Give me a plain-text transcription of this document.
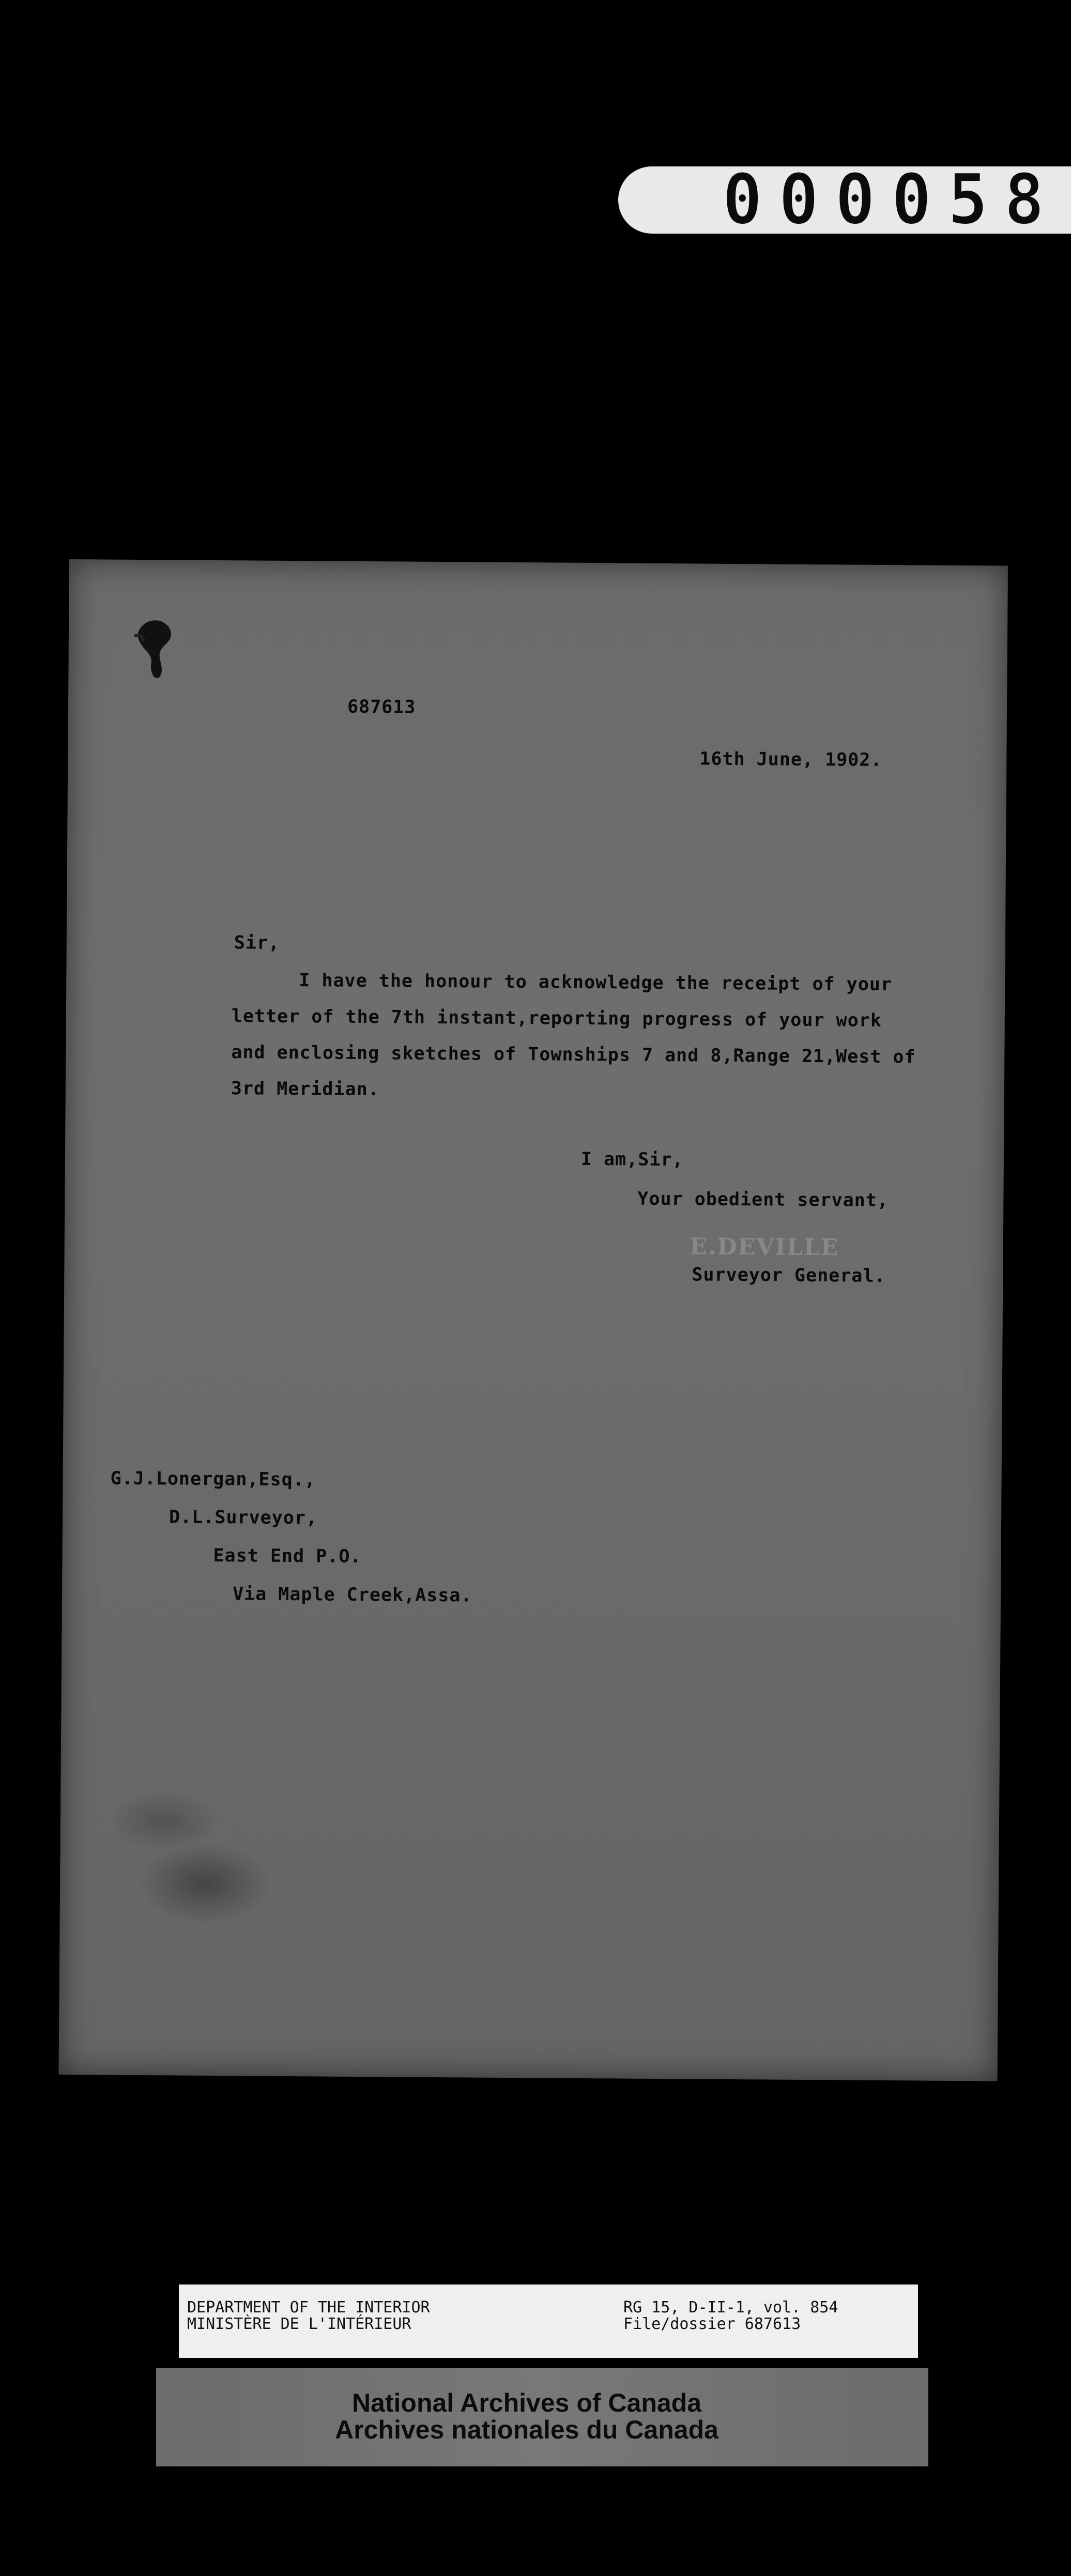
000058
687613
16th June, 1902.
Sir,
I have the honour to acknowledge the receipt of your
letter of the 7th instant,reporting progress of your work
and enclosing sketches of Townships 7 and 8,Range 21,West of
3rd Meridian.
I am,Sir,
Your obedient servant,
E.DEVILLE
Surveyor General.
G.J.Lonergan,Esq.,
D.L.Surveyor,
East End P.O.
Via Maple Creek,Assa.
DEPARTMENT OF THE INTERIOR
MINISTÈRE DE L'INTÉRIEUR
RG 15, D-II-1, vol. 854
File/dossier 687613
National Archives of Canada
Archives nationales du Canada
